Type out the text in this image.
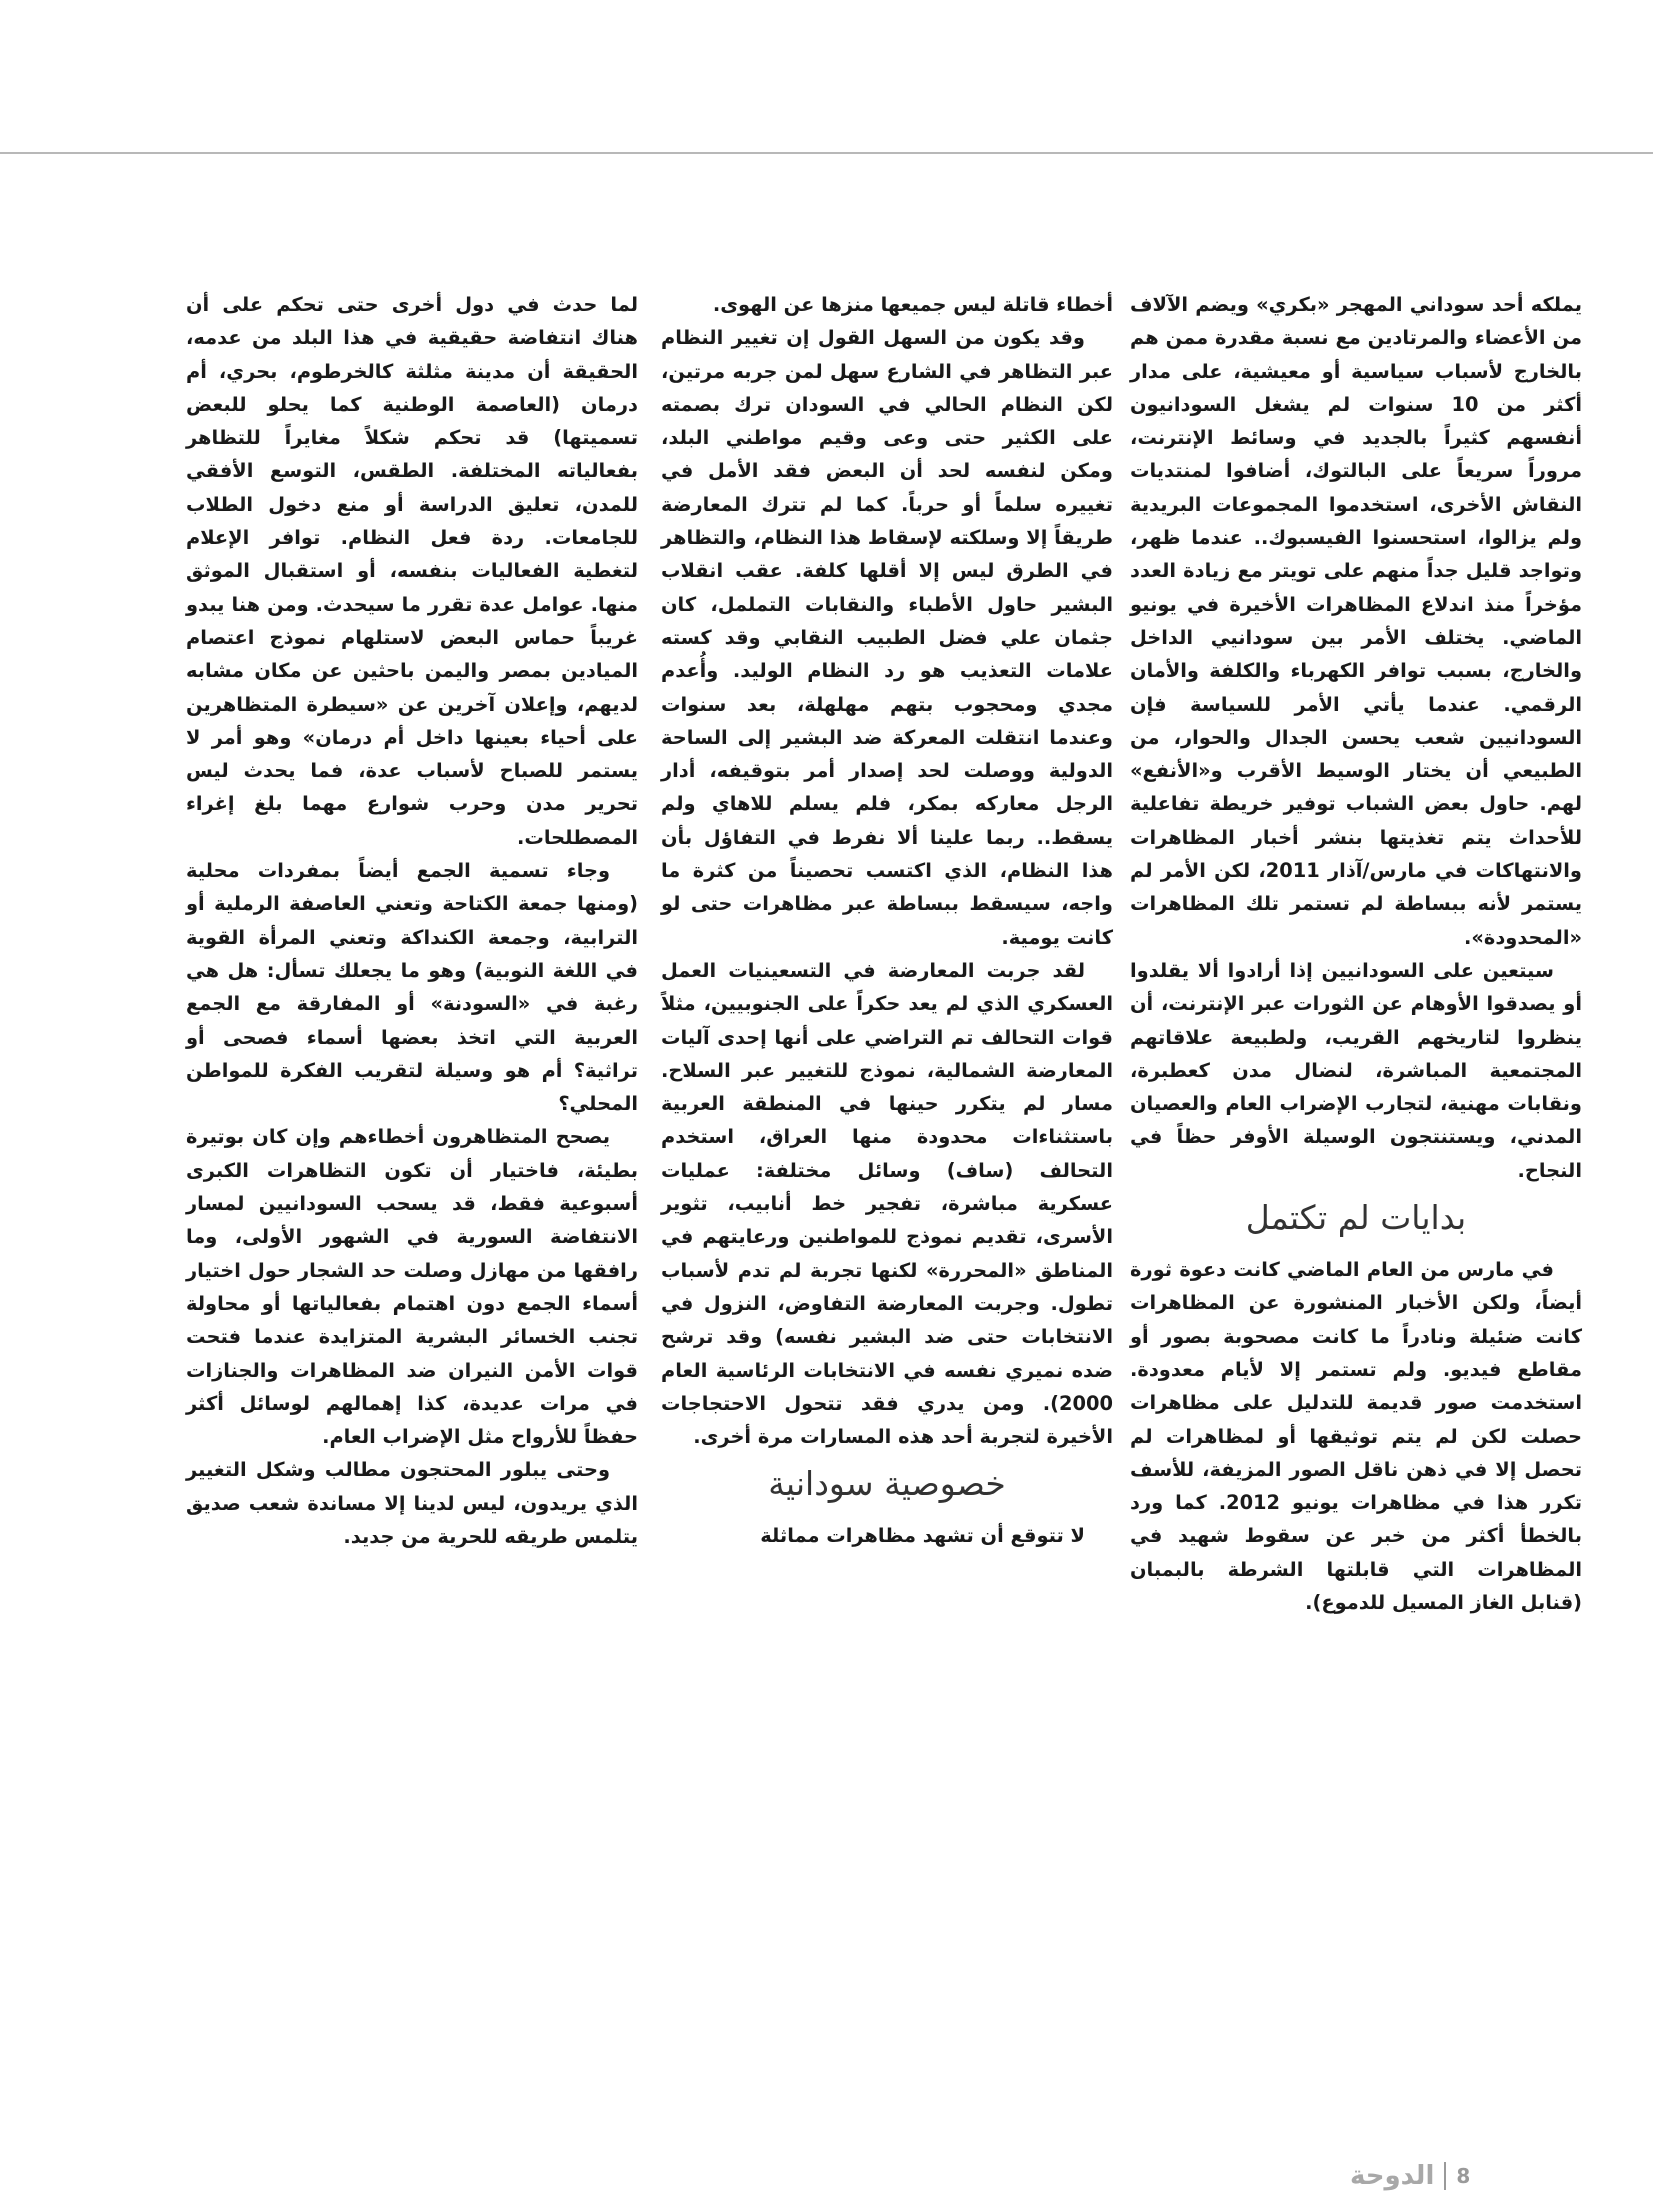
يملكه أحد سوداني المهجر «بكري» ويضم الآلاف من الأعضاء والمرتادين مع نسبة مقدرة ممن هم بالخارج لأسباب سياسية أو معيشية، على مدار أكثر من 10 سنوات لم يشغل السودانيون أنفسهم كثيراً بالجديد في وسائط الإنترنت، مروراً سريعاً على البالتوك، أضافوا لمنتديات النقاش الأخرى، استخدموا المجموعات البريدية ولم يزالوا، استحسنوا الفيسبوك.. عندما ظهر، وتواجد قليل جداً منهم على تويتر مع زيادة العدد مؤخراً منذ اندلاع المظاهرات الأخيرة في يونيو الماضي. يختلف الأمر بين سودانيي الداخل والخارج، بسبب توافر الكهرباء والكلفة والأمان الرقمي. عندما يأتي الأمر للسياسة فإن السودانيين شعب يحسن الجدال والحوار، من الطبيعي أن يختار الوسيط الأقرب و«الأنفع» لهم. حاول بعض الشباب توفير خريطة تفاعلية للأحداث يتم تغذيتها بنشر أخبار المظاهرات والانتهاكات في مارس/آذار 2011، لكن الأمر لم يستمر لأنه ببساطة لم تستمر تلك المظاهرات «المحدودة».

سيتعين على السودانيين إذا أرادوا ألا يقلدوا أو يصدقوا الأوهام عن الثورات عبر الإنترنت، أن ينظروا لتاريخهم القريب، ولطبيعة علاقاتهم المجتمعية المباشرة، لنضال مدن كعطبرة، ونقابات مهنية، لتجارب الإضراب العام والعصيان المدني، ويستنتجون الوسيلة الأوفر حظاً في النجاح.

بدايات لم تكتمل

في مارس من العام الماضي كانت دعوة ثورة أيضاً، ولكن الأخبار المنشورة عن المظاهرات كانت ضئيلة ونادراً ما كانت مصحوبة بصور أو مقاطع فيديو. ولم تستمر إلا لأيام معدودة. استخدمت صور قديمة للتدليل على مظاهرات حصلت لكن لم يتم توثيقها أو لمظاهرات لم تحصل إلا في ذهن ناقل الصور المزيفة، للأسف تكرر هذا في مظاهرات يونيو 2012. كما ورد بالخطأ أكثر من خبر عن سقوط شهيد في المظاهرات التي قابلتها الشرطة بالبمبان (قنابل الغاز المسيل للدموع).

أخطاء قاتلة ليس جميعها منزها عن الهوى.

وقد يكون من السهل القول إن تغيير النظام عبر التظاهر في الشارع سهل لمن جربه مرتين، لكن النظام الحالي في السودان ترك بصمته على الكثير حتى وعى وقيم مواطني البلد، ومكن لنفسه لحد أن البعض فقد الأمل في تغييره سلماً أو حرباً. كما لم تترك المعارضة طريقاً إلا وسلكته لإسقاط هذا النظام، والتظاهر في الطرق ليس إلا أقلها كلفة. عقب انقلاب البشير حاول الأطباء والنقابات التململ، كان جثمان علي فضل الطبيب النقابي وقد كسته علامات التعذيب هو رد النظام الوليد. وأُعدم مجدي ومحجوب بتهم مهلهلة، بعد سنوات وعندما انتقلت المعركة ضد البشير إلى الساحة الدولية ووصلت لحد إصدار أمر بتوقيفه، أدار الرجل معاركه بمكر، فلم يسلم للاهاي ولم يسقط.. ربما علينا ألا نفرط في التفاؤل بأن هذا النظام، الذي اكتسب تحصيناً من كثرة ما واجه، سيسقط ببساطة عبر مظاهرات حتى لو كانت يومية.

لقد جربت المعارضة في التسعينيات العمل العسكري الذي لم يعد حكراً على الجنوبيين، مثلاً قوات التحالف تم التراضي على أنها إحدى آليات المعارضة الشمالية، نموذج للتغيير عبر السلاح. مسار لم يتكرر حينها في المنطقة العربية باستثناءات محدودة منها العراق، استخدم التحالف (ساف) وسائل مختلفة: عمليات عسكرية مباشرة، تفجير خط أنابيب، تثوير الأسرى، تقديم نموذج للمواطنين ورعايتهم في المناطق «المحررة» لكنها تجربة لم تدم لأسباب تطول. وجربت المعارضة التفاوض، النزول في الانتخابات حتى ضد البشير نفسه) وقد ترشح ضده نميري نفسه في الانتخابات الرئاسية العام 2000). ومن يدري فقد تتحول الاحتجاجات الأخيرة لتجربة أحد هذه المسارات مرة أخرى.

خصوصية سودانية

لا تتوقع أن تشهد مظاهرات مماثلة

لما حدث في دول أخرى حتى تحكم على أن هناك انتفاضة حقيقية في هذا البلد من عدمه، الحقيقة أن مدينة مثلثة كالخرطوم، بحري، أم درمان (العاصمة الوطنية كما يحلو للبعض تسميتها) قد تحكم شكلاً مغايراً للتظاهر بفعالياته المختلفة. الطقس، التوسع الأفقي للمدن، تعليق الدراسة أو منع دخول الطلاب للجامعات. ردة فعل النظام. توافر الإعلام لتغطية الفعاليات بنفسه، أو استقبال الموثق منها. عوامل عدة تقرر ما سيحدث. ومن هنا يبدو غريباً حماس البعض لاستلهام نموذج اعتصام الميادين بمصر واليمن باحثين عن مكان مشابه لديهم، وإعلان آخرين عن «سيطرة المتظاهرين على أحياء بعينها داخل أم درمان» وهو أمر لا يستمر للصباح لأسباب عدة، فما يحدث ليس تحرير مدن وحرب شوارع مهما بلغ إغراء المصطلحات.

وجاء تسمية الجمع أيضاً بمفردات محلية (ومنها جمعة الكتاحة وتعني العاصفة الرملية أو الترابية، وجمعة الكنداكة وتعني المرأة القوية في اللغة النوبية) وهو ما يجعلك تسأل: هل هي رغبة في «السودنة» أو المفارقة مع الجمع العربية التي اتخذ بعضها أسماء فصحى أو تراثية؟ أم هو وسيلة لتقريب الفكرة للمواطن المحلي؟

يصحح المتظاهرون أخطاءهم وإن كان بوتيرة بطيئة، فاختيار أن تكون التظاهرات الكبرى أسبوعية فقط، قد يسحب السودانيين لمسار الانتفاضة السورية في الشهور الأولى، وما رافقها من مهازل وصلت حد الشجار حول اختيار أسماء الجمع دون اهتمام بفعالياتها أو محاولة تجنب الخسائر البشرية المتزايدة عندما فتحت قوات الأمن النيران ضد المظاهرات والجنازات في مرات عديدة، كذا إهمالهم لوسائل أكثر حفظاً للأرواح مثل الإضراب العام.

وحتى يبلور المحتجون مطالب وشكل التغيير الذي يريدون، ليس لدينا إلا مساندة شعب صديق يتلمس طريقه للحرية من جديد.

الدوحة 8
